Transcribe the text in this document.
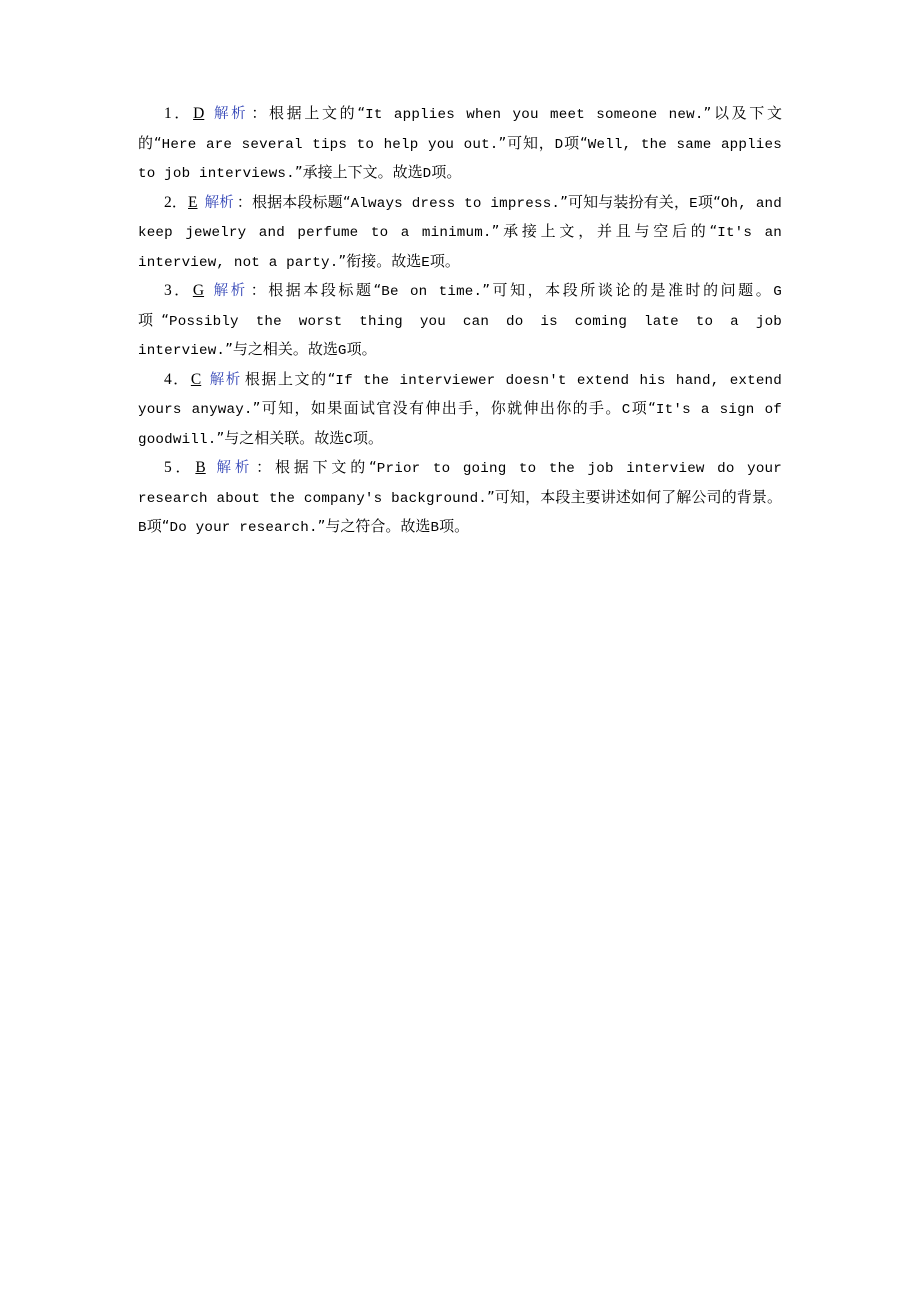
1．D 解析 ：根据上文的“It applies when you meet someone new.”以及下文的“Here are several tips to help you out.”可知，D项“Well, the same applies to job interviews.”承接上下文。故选D项。

2．E 解析 ：根据本段标题“Always dress to impress.”可知与装扮有关，E项“Oh, and keep jewelry and perfume to a minimum.”承接上文，并且与空后的“It's an interview, not a party.”衔接。故选E项。

3．G 解析 ：根据本段标题“Be on time.”可知，本段所谈论的是准时的问题。G项“Possibly the worst thing you can do is coming late to a job interview.”与之相关。故选G项。

4．C 解析 根据上文的“If the interviewer doesn't extend his hand, extend yours anyway.”可知，如果面试官没有伸出手，你就伸出你的手。C项“It's a sign of goodwill.”与之相关联。故选C项。

5．B 解析 ：根据下文的“Prior to going to the job interview do your research about the company's background.”可知，本段主要讲述如何了解公司的背景。B项“Do your research.”与之符合。故选B项。
